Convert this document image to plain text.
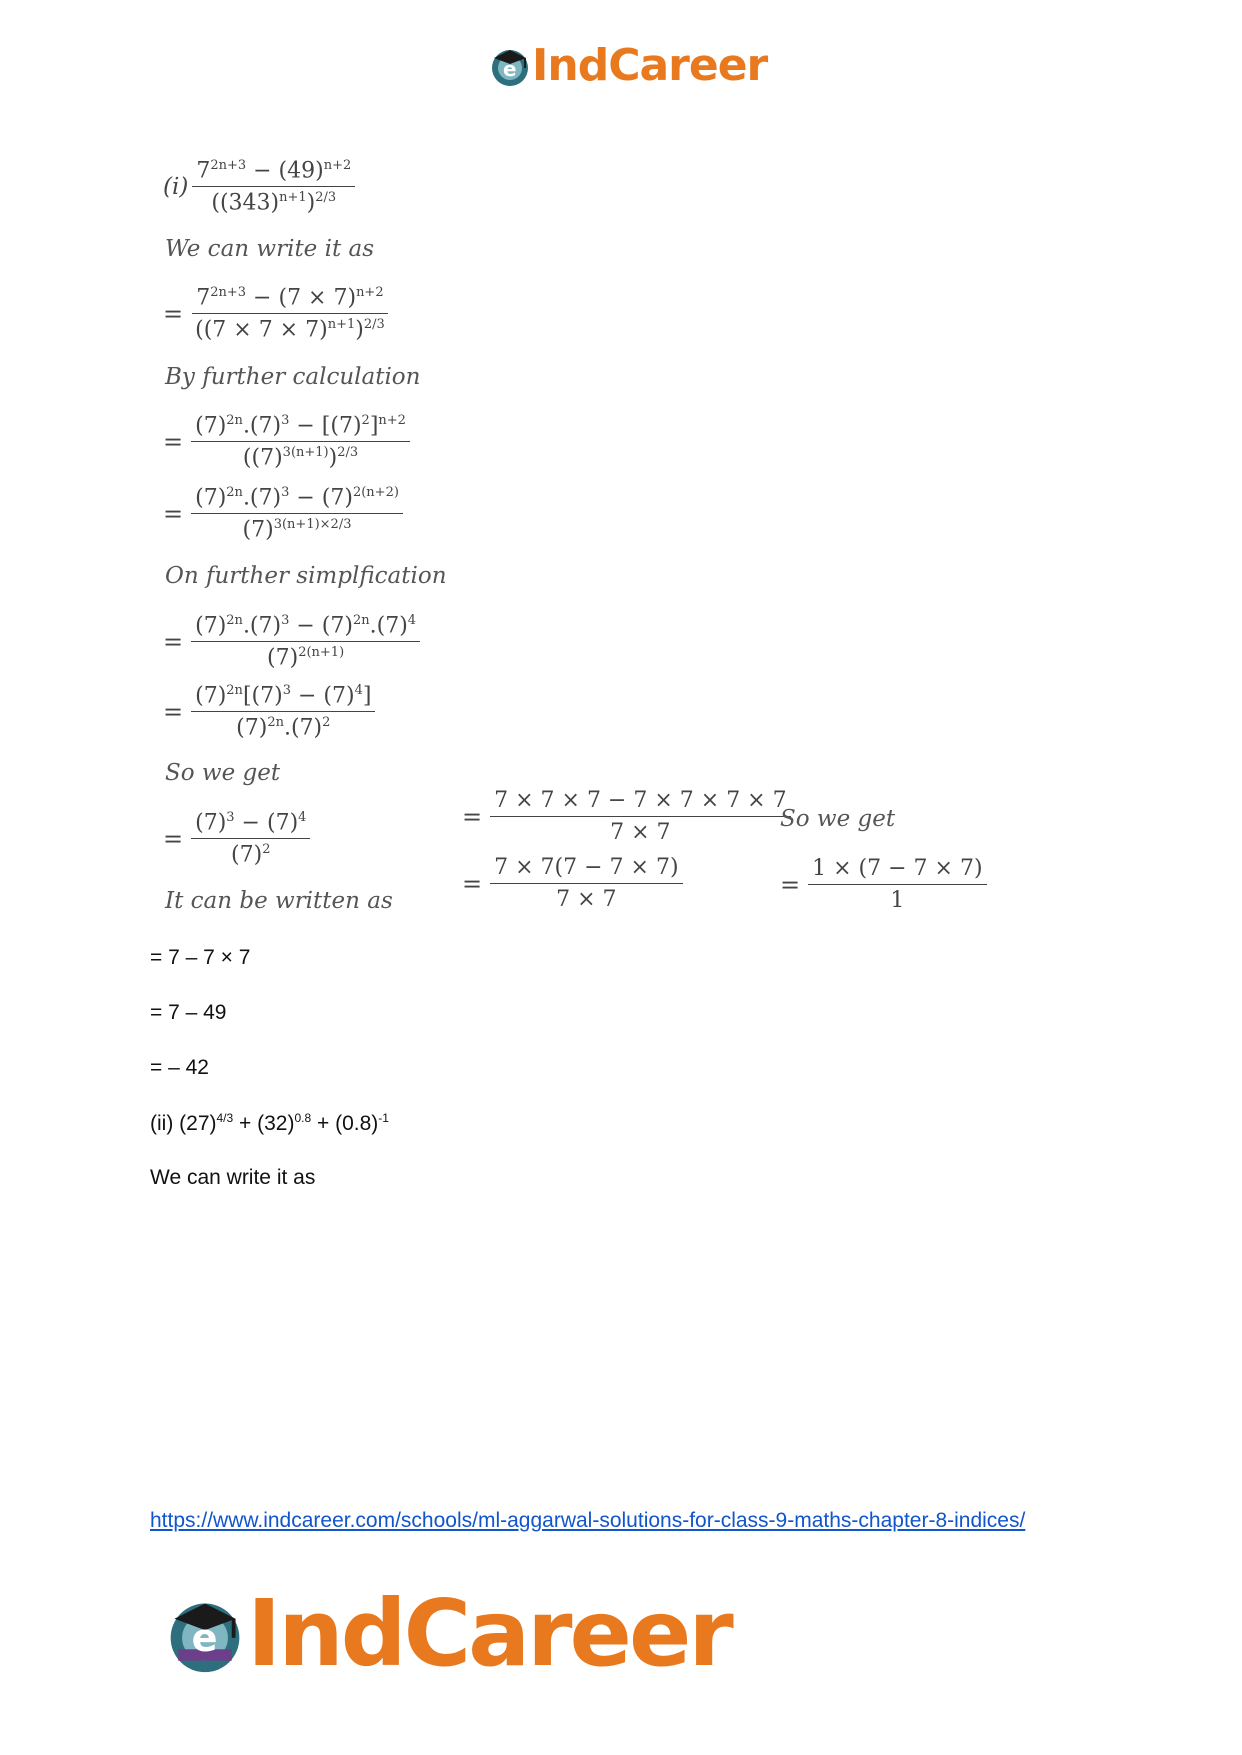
e IndCareer
$(i) \frac{7^{2n+3} - (49)^{n+2}}{((343)^{n+1})^{2/3}}$
We can write it as
= $\frac{7^{2n+3} - (7 \times 7)^{n+2}}{((7 \times 7 \times 7)^{n+1})^{2/3}}$
By further calculation
= $\frac{(7)^{2n}.(7)^3 - [(7)^2]^{n+2}}{((7)^{3(n+1)})^{2/3}}$
= $\frac{(7)^{2n}.(7)^3 - (7)^{2(n+2)}}{(7)^{3(n+1)\times 2/3}}$
On further simplfication
= $\frac{(7)^{2n}.(7)^3 - (7)^{2n}.(7)^4}{(7)^{2(n+1)}}$
= $\frac{(7)^{2n}[(7)^3 - (7)^4]}{(7)^{2n}.(7)^2}$
So we get
= $\frac{(7)^3 - (7)^4}{(7)^2}$
It can be written as
= $\frac{7 \times 7 \times 7 - 7 \times 7 \times 7 \times 7}{7 \times 7}$
= $\frac{7 \times 7(7 - 7 \times 7)}{7 \times 7}$
So we get
= $\frac{1 \times (7 - 7 \times 7)}{1}$
= 7 – 7 × 7
= 7 – 49
= – 42
(ii) $(27)^{4/3} + (32)^{0.8} + (0.8)^{-1}$
We can write it as
https://www.indcareer.com/schools/ml-aggarwal-solutions-for-class-9-maths-chapter-8-indices/
e IndCareer
